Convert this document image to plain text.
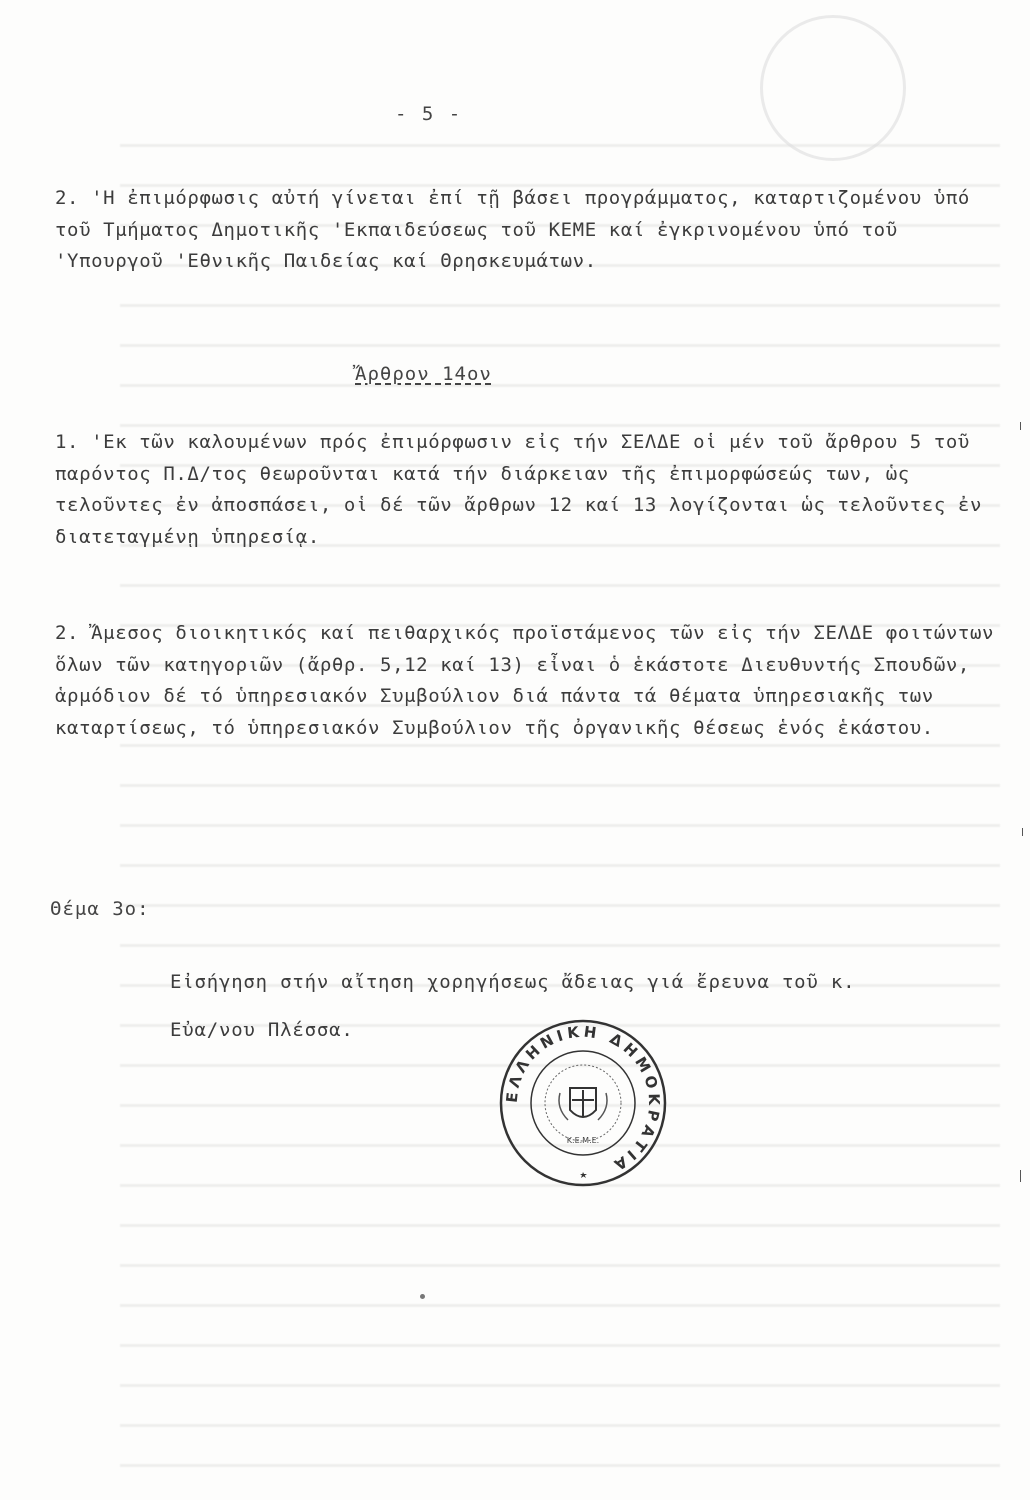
- 5 -

2. 'Η ἐπιμόρφωσις αὐτή γίνεται ἐπί τῇ βάσει προγράμματος, καταρτιζομένου ὑπό τοῦ Τμήματος Δημοτικῆς 'Εκπαιδεύσεως τοῦ ΚΕΜΕ καί ἐγκρινομένου ὑπό τοῦ 'Υπουργοῦ 'Εθνικῆς Παιδείας καί Θρησκευμάτων.

Ἄρθρον 14ον

1. 'Εκ τῶν καλουμένων πρός ἐπιμόρφωσιν εἰς τήν ΣΕΛΔΕ οἱ μέν τοῦ ἄρθρου 5 τοῦ παρόντος Π.Δ/τος θεωροῦνται κατά τήν διάρκειαν τῆς ἐπιμορφώσεώς των, ὡς τελοῦντες ἐν ἀποσπάσει, οἱ δέ τῶν ἄρθρων 12 καί 13 λογίζονται ὡς τελοῦντες ἐν διατεταγμένῃ ὑπηρεσίᾳ.

2. Ἄμεσος διοικητικός καί πειθαρχικός προϊστάμενος τῶν εἰς τήν ΣΕΛΔΕ φοιτώντων ὅλων τῶν κατηγοριῶν (ἄρθρ. 5,12 καί 13) εἶναι ὁ ἑκάστοτε Διευθυντής Σπουδῶν, ἁρμόδιον δέ τό ὑπηρεσιακόν Συμβούλιον διά πάντα τά θέματα ὑπηρεσιακῆς των καταρτίσεως, τό ὑπηρεσιακόν Συμβούλιον τῆς ὀργανικῆς θέσεως ἑνός ἑκάστου.

Θέμα 3ο:
Εἰσήγηση στήν αἴτηση χορηγήσεως ἄδειας γιά ἔρευνα τοῦ κ.
Εὐα/νου Πλέσσα.
ΕΛΛΗΝΙΚΗ ΔΗΜΟΚΡΑΤΙΑ
Κ.Ε.Μ.Ε.
